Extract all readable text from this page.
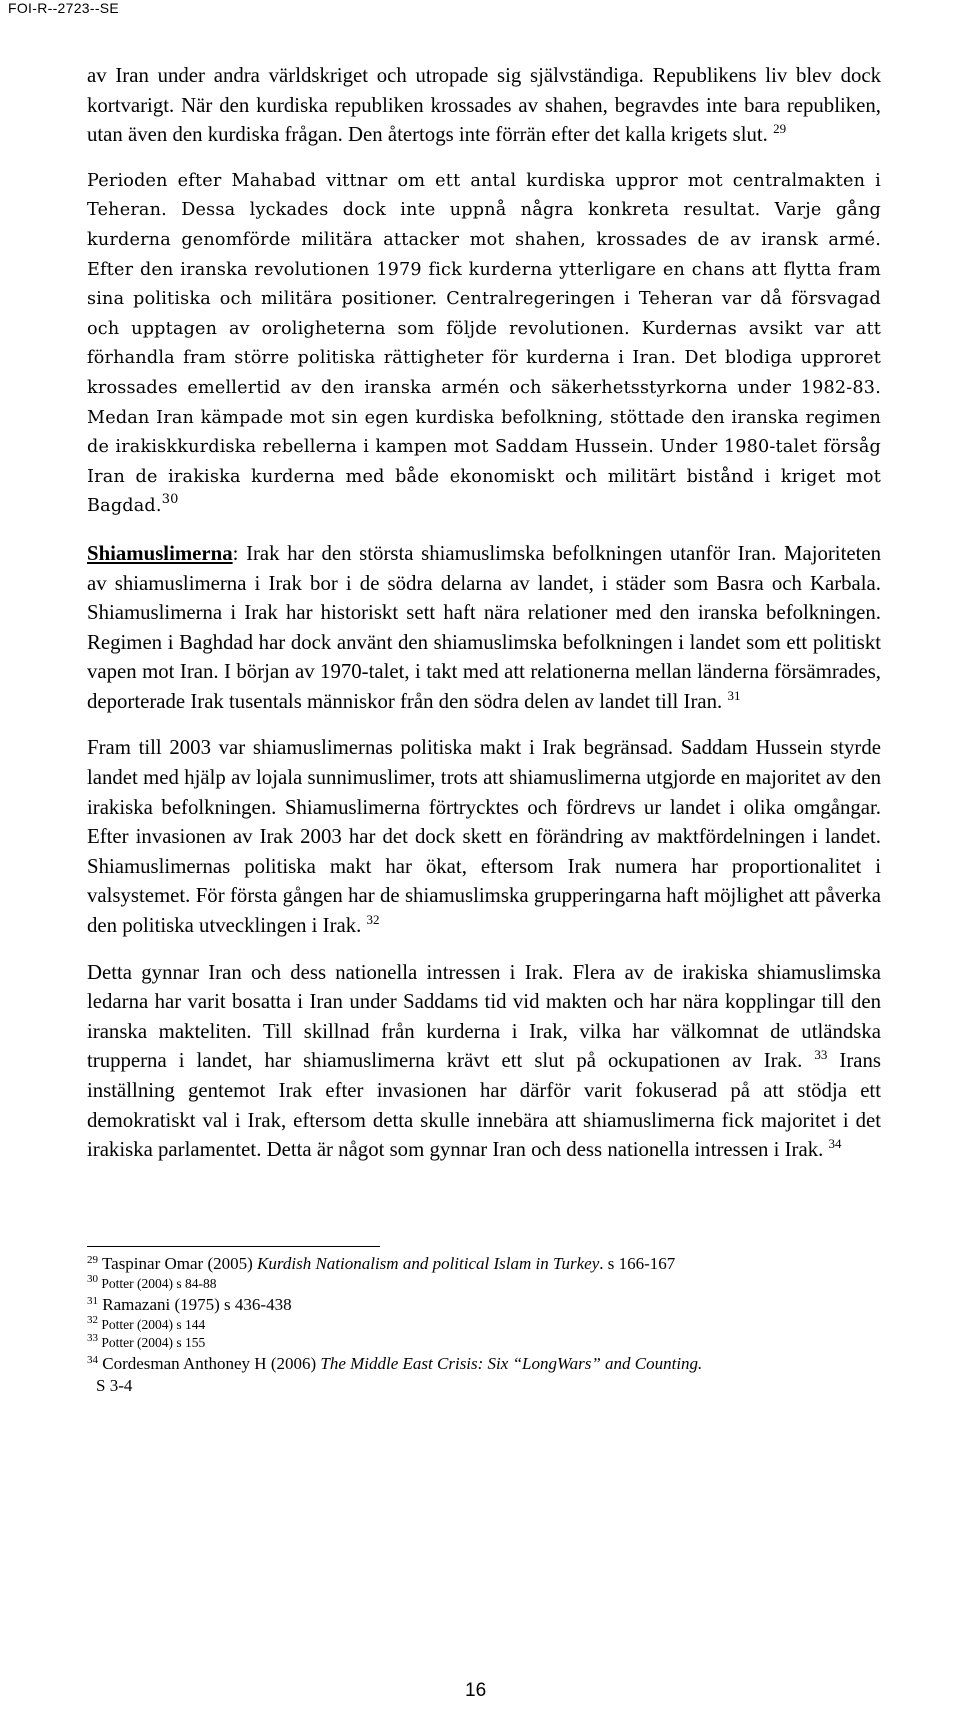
FOI-R--2723--SE

av Iran under andra världskriget och utropade sig självständiga. Republikens liv blev dock kortvarigt. När den kurdiska republiken krossades av shahen, begravdes inte bara republiken, utan även den kurdiska frågan. Den återtogs inte förrän efter det kalla krigets slut. $^{29}$

Perioden efter Mahabad vittnar om ett antal kurdiska uppror mot centralmakten i Teheran. Dessa lyckades dock inte uppnå några konkreta resultat. Varje gång kurderna genomförde militära attacker mot shahen, krossades de av iransk armé. Efter den iranska revolutionen 1979 fick kurderna ytterligare en chans att flytta fram sina politiska och militära positioner. Centralregeringen i Teheran var då försvagad och upptagen av oroligheterna som följde revolutionen. Kurdernas avsikt var att förhandla fram större politiska rättigheter för kurderna i Iran. Det blodiga upproret krossades emellertid av den iranska armén och säkerhetsstyrkorna under 1982-83. Medan Iran kämpade mot sin egen kurdiska befolkning, stöttade den iranska regimen de irakiskkurdiska rebellerna i kampen mot Saddam Hussein. Under 1980-talet försåg Iran de irakiska kurderna med både ekonomiskt och militärt bistånd i kriget mot Bagdad.$^{30}$

Shiamuslimerna: Irak har den största shiamuslimska befolkningen utanför Iran. Majoriteten av shiamuslimerna i Irak bor i de södra delarna av landet, i städer som Basra och Karbala. Shiamuslimerna i Irak har historiskt sett haft nära relationer med den iranska befolkningen. Regimen i Baghdad har dock använt den shiamuslimska befolkningen i landet som ett politiskt vapen mot Iran. I början av 1970-talet, i takt med att relationerna mellan länderna försämrades, deporterade Irak tusentals människor från den södra delen av landet till Iran. $^{31}$

Fram till 2003 var shiamuslimernas politiska makt i Irak begränsad. Saddam Hussein styrde landet med hjälp av lojala sunnimuslimer, trots att shiamuslimerna utgjorde en majoritet av den irakiska befolkningen. Shiamuslimerna förtrycktes och fördrevs ur landet i olika omgångar. Efter invasionen av Irak 2003 har det dock skett en förändring av maktfördelningen i landet. Shiamuslimernas politiska makt har ökat, eftersom Irak numera har proportionalitet i valsystemet. För första gången har de shiamuslimska grupperingarna haft möjlighet att påverka den politiska utvecklingen i Irak. $^{32}$

Detta gynnar Iran och dess nationella intressen i Irak. Flera av de irakiska shiamuslimska ledarna har varit bosatta i Iran under Saddams tid vid makten och har nära kopplingar till den iranska makteliten. Till skillnad från kurderna i Irak, vilka har välkomnat de utländska trupperna i landet, har shiamuslimerna krävt ett slut på ockupationen av Irak. $^{33}$ Irans inställning gentemot Irak efter invasionen har därför varit fokuserad på att stödja ett demokratiskt val i Irak, eftersom detta skulle innebära att shiamuslimerna fick majoritet i det irakiska parlamentet. Detta är något som gynnar Iran och dess nationella intressen i Irak. $^{34}$

$^{29}$ Taspinar Omar (2005) Kurdish Nationalism and political Islam in Turkey. s 166-167

$^{30}$ Potter (2004) s 84-88

$^{31}$ Ramazani (1975) s 436-438

$^{32}$ Potter (2004) s 144

$^{33}$ Potter (2004) s 155

$^{34}$ Cordesman Anthoney H (2006) The Middle East Crisis: Six “LongWars” and Counting.

S 3-4

16
